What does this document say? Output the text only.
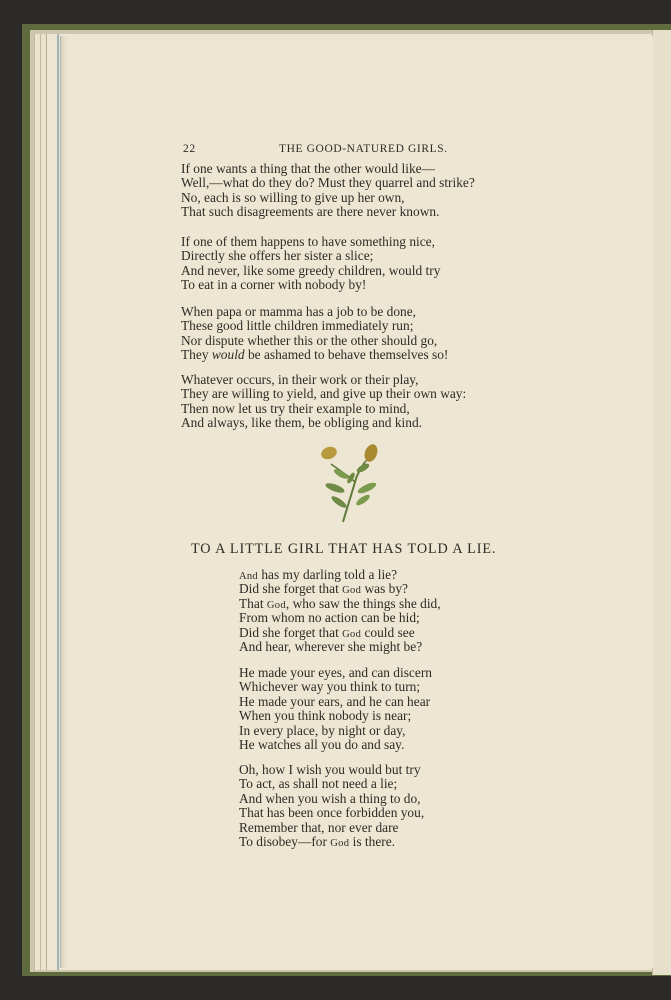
22	THE GOOD-NATURED GIRLS.
If one wants a thing that the other would like—
Well,—what do they do? Must they quarrel and strike?
No, each is so willing to give up her own,
That such disagreements are there never known.
If one of them happens to have something nice,
Directly she offers her sister a slice;
And never, like some greedy children, would try
To eat in a corner with nobody by!
When papa or mamma has a job to be done,
These good little children immediately run;
Nor dispute whether this or the other should go,
They would be ashamed to behave themselves so!
Whatever occurs, in their work or their play,
They are willing to yield, and give up their own way:
Then now let us try their example to mind,
And always, like them, be obliging and kind.
TO A LITTLE GIRL THAT HAS TOLD A LIE.
And has my darling told a lie?
Did she forget that God was by?
That God, who saw the things she did,
From whom no action can be hid;
Did she forget that God could see
And hear, wherever she might be?
He made your eyes, and can discern
Whichever way you think to turn;
He made your ears, and he can hear
When you think nobody is near;
In every place, by night or day,
He watches all you do and say.
Oh, how I wish you would but try
To act, as shall not need a lie;
And when you wish a thing to do,
That has been once forbidden you,
Remember that, nor ever dare
To disobey—for God is there.
